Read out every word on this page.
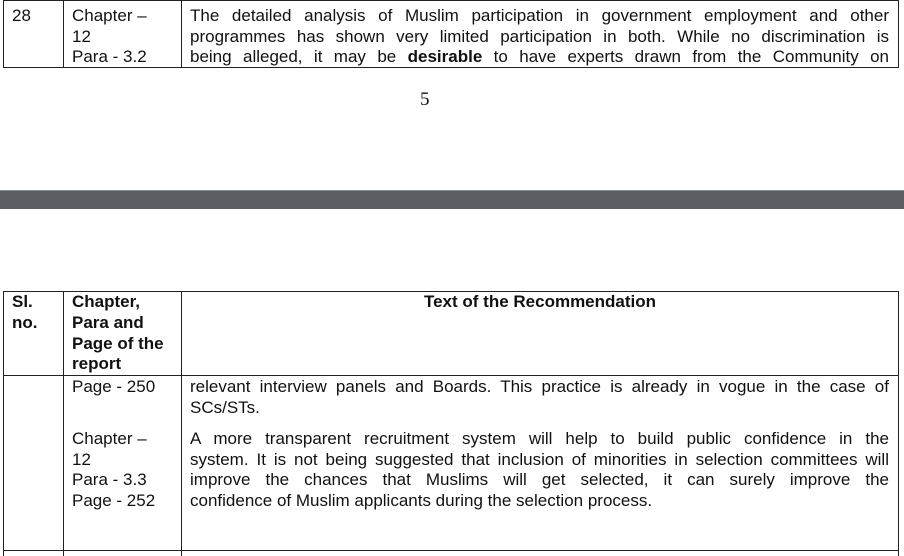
28 Chapter –
12
Para - 3.2
The detailed analysis of Muslim participation in government employment and other
programmes has shown very limited participation in both. While no discrimination is
being alleged, it may be desirable to have experts drawn from the Community on
5
Sl.
no.
Chapter,
Para and
Page of the
report
Text of the Recommendation
Page - 250 relevant interview panels and Boards. This practice is already in vogue in the case of
SCs/STs.
Chapter –
12
Para - 3.3
Page - 252
A more transparent recruitment system will help to build public confidence in the
system. It is not being suggested that inclusion of minorities in selection committees will
improve the chances that Muslims will get selected, it can surely improve the
confidence of Muslim applicants during the selection process.
